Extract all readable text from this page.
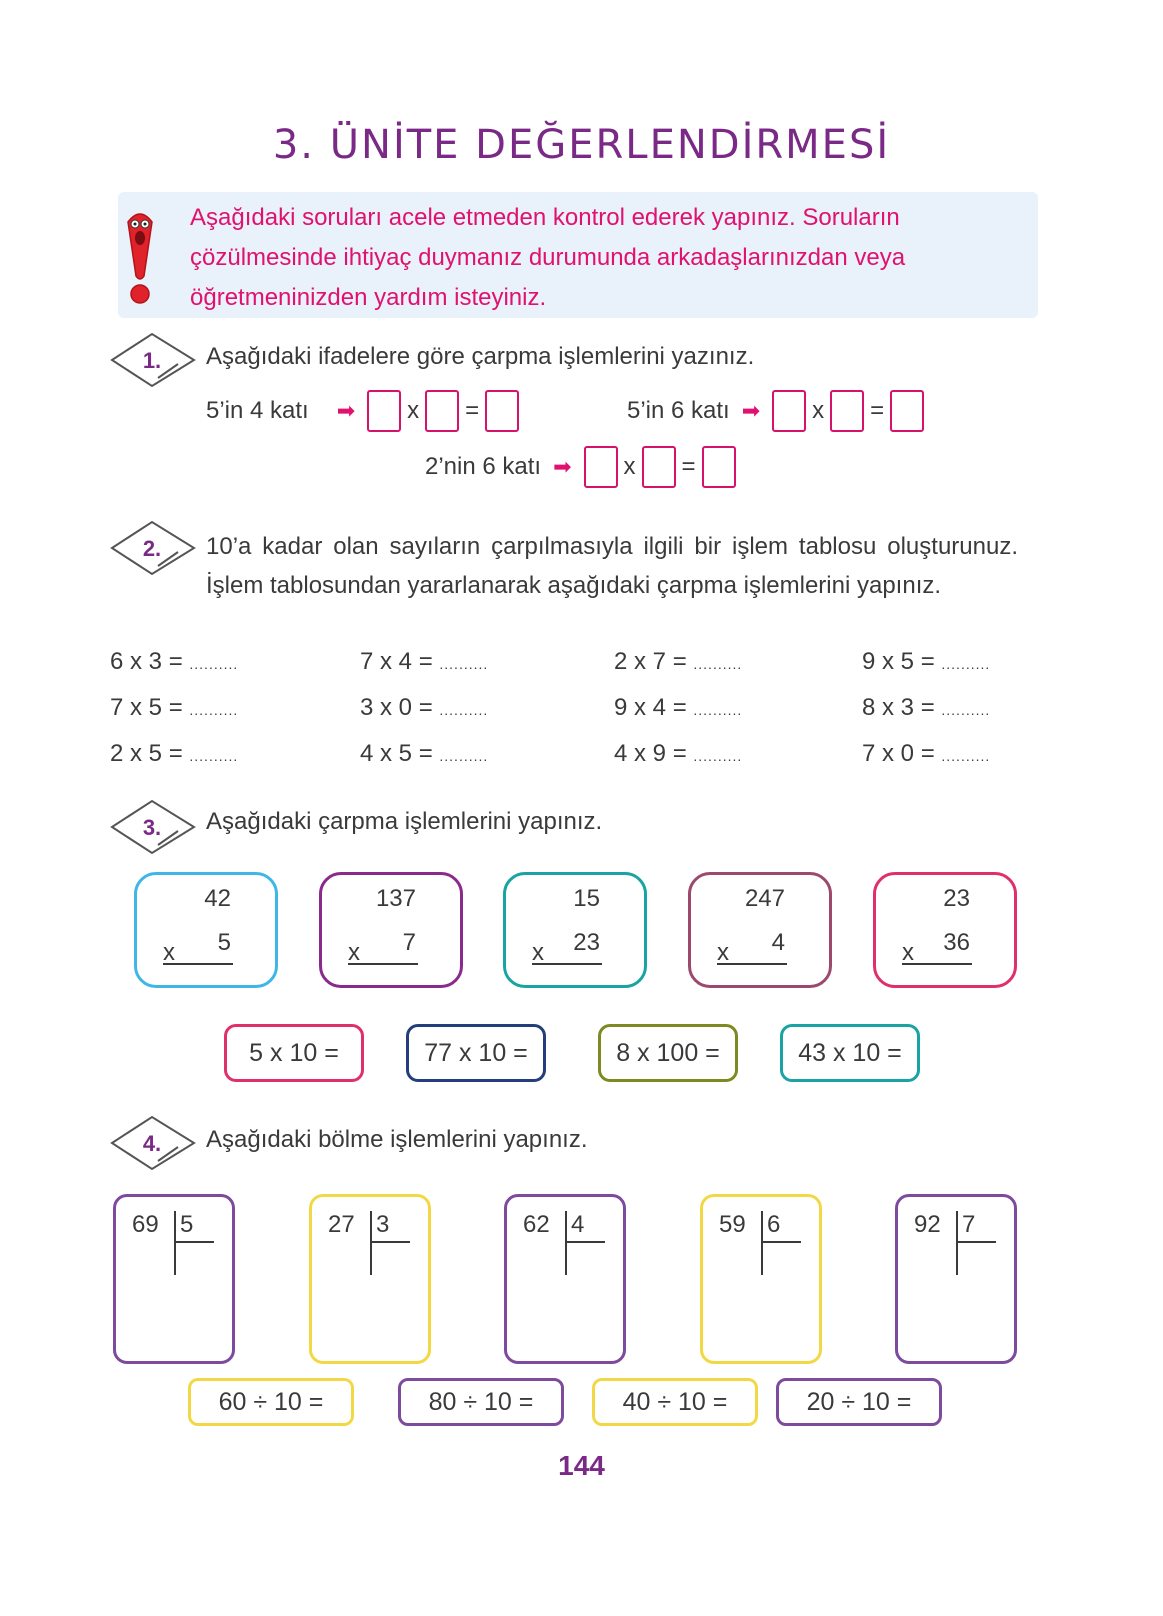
3. ÜNİTE DEĞERLENDİRMESİ
Aşağıdaki soruları acele etmeden kontrol ederek yapınız. Soruların çözülmesinde ihtiyaç duymanız durumunda arkadaşlarınızdan veya öğretmeninizden yardım isteyiniz.
1. Aşağıdaki ifadelere göre çarpma işlemlerini yazınız.
5’in 4 katı ➡ x =	5’in 6 katı ➡ x =
2’nin 6 katı ➡ x =
2. 10’a kadar olan sayıların çarpılmasıyla ilgili bir işlem tablosu oluşturunuz. İşlem tablosundan yararlanarak aşağıdaki çarpma işlemlerini yapınız.
6 x 3 = ..........	7 x 4 = ..........	2 x 7 = ..........	9 x 5 = ..........
7 x 5 = ..........	3 x 0 = ..........	9 x 4 = ..........	8 x 3 = ..........
2 x 5 = ..........	4 x 5 = ..........	4 x 9 = ..........	7 x 0 = ..........
3. Aşağıdaki çarpma işlemlerini yapınız.
42
x 5
137
x 7
15
x 23
247
x 4
23
x 36
5 x 10 =	77 x 10 =	8 x 100 =	43 x 10 =
4. Aşağıdaki bölme işlemlerini yapınız.
69 5	27 3	62 4	59 6	92 7
60 ÷ 10 =	80 ÷ 10 =	40 ÷ 10 =	20 ÷ 10 =
144
